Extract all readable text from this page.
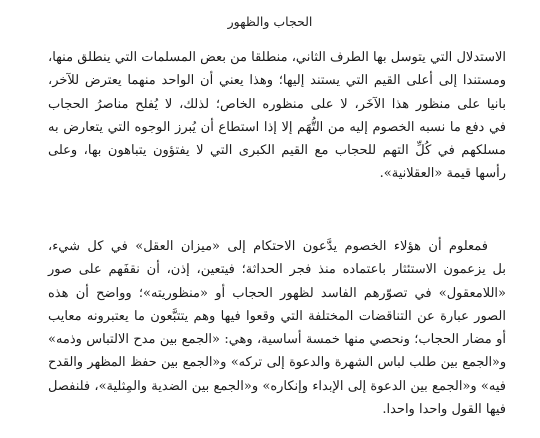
الحجاب والظهور

الاستدلال التي يتوسل بها الطرف الثاني، منطلقا من بعض المسلمات التي ينطلق منها،
ومستندا إلى أعلى القيم التي يستند إليها؛ وهذا يعني أن الواحد منهما يعترض للآخر،
بانيا على منظور هذا الآخَر، لا على منظوره الخاص؛ لذلك، لا يُفلح مناصرُ الحجاب
في دفع ما نسبه الخصوم إليه من التُّهَم إلا إذا استطاع أن يُبرز الوجوه التي يتعارض به
مسلكهم في كُلِّ التهم للحجاب مع القيم الكبرى التي لا يفتؤون يتباهون بها، وعلى
رأسها قيمة «العقلانية».

فمعلوم أن هؤلاء الخصوم يدَّعون الاحتكام إلى «ميزان العقل» في كل شيء،
بل يزعمون الاستئثار باعتماده منذ فجر الحداثة؛ فيتعين، إذن، أن نقفَهم على صور
«اللامعقول» في تصوّرهم الفاسد لظهور الحجاب أو «منظوريته»؛ وواضح أن هذه
الصور عبارة عن التناقضات المختلفة التي وقعوا فيها وهم يتتبَّعون ما يعتبرونه معايب
أو مضار الحجاب؛ ونحصي منها خمسة أساسية، وهي: «الجمع بين مدح الالتباس وذمه»
و«الجمع بين طلب لباس الشهرة والدعوة إلى تركه» و«الجمع بين حفظ المظهر والقدح
فيه» و«الجمع بين الدعوة إلى الإبداء وإنكاره» و«الجمع بين الضدية والمِثلية»، فلنفصل
فيها القول واحدا واحدا.
